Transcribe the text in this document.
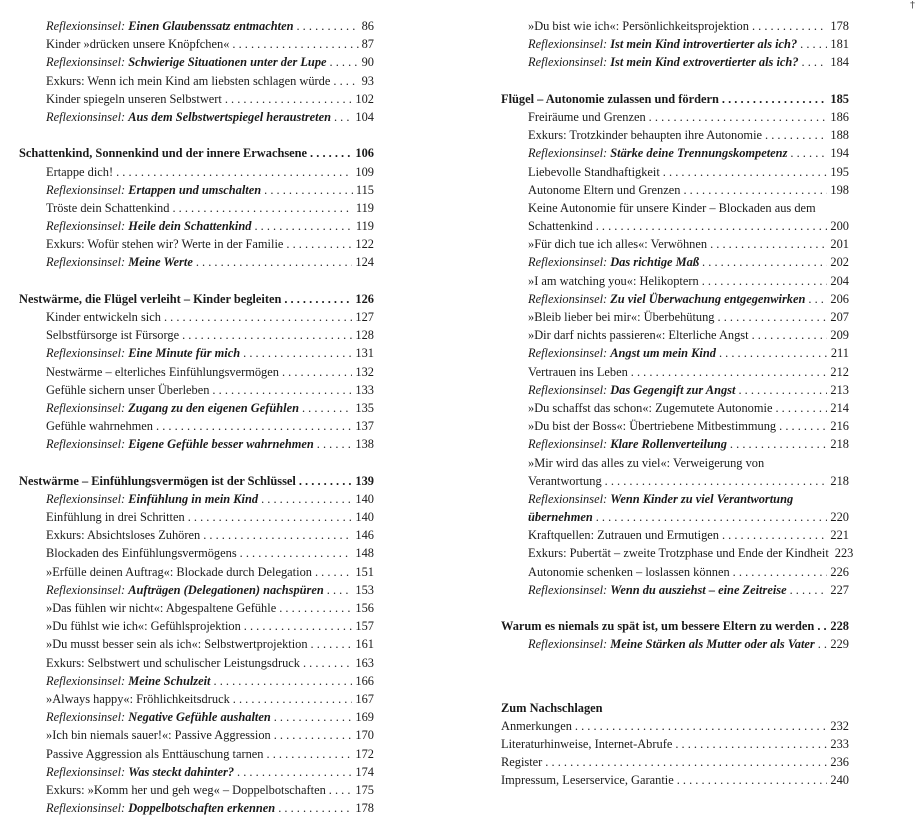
Reflexionsinsel: Einen Glaubenssatz entmachten . . .	86
Kinder »drücken unsere Knöpfchen« . . .	87
Reflexionsinsel: Schwierige Situationen unter der Lupe . . .	90
Exkurs: Wenn ich mein Kind am liebsten schlagen würde . . .	93
Kinder spiegeln unseren Selbstwert . . .	102
Reflexionsinsel: Aus dem Selbstwertspiegel heraustreten . . . 104
Schattenkind, Sonnenkind und der innere Erwachsene . . .	106
Ertappe dich! . . .	109
Reflexionsinsel: Ertappen und umschalten . . .	115
Tröste dein Schattenkind . . .	119
Reflexionsinsel: Heile dein Schattenkind . . .	119
Exkurs: Wofür stehen wir? Werte in der Familie . . .	122
Reflexionsinsel: Meine Werte . . .	124
Nestwärme, die Flügel verleiht – Kinder begleiten . . .	126
Kinder entwickeln sich . . .	127
Selbstfürsorge ist Fürsorge . . .	128
Reflexionsinsel: Eine Minute für mich . . .	131
Nestwärme – elterliches Einfühlungsvermögen . . .	132
Gefühle sichern unser Überleben . . .	133
Reflexionsinsel: Zugang zu den eigenen Gefühlen . . .	135
Gefühle wahrnehmen . . .	137
Reflexionsinsel: Eigene Gefühle besser wahrnehmen . . .	138
Nestwärme – Einfühlungsvermögen ist der Schlüssel . . .	139
Reflexionsinsel: Einfühlung in mein Kind . . .	140
Einfühlung in drei Schritten . . .	140
Exkurs: Absichtsloses Zuhören . . .	146
Blockaden des Einfühlungsvermögens . . .	148
»Erfülle deinen Auftrag«: Blockade durch Delegation . . .	151
Reflexionsinsel: Aufträgen (Delegationen) nachspüren . . .	153
»Das fühlen wir nicht«: Abgespaltene Gefühle . . .	156
»Du fühlst wie ich«: Gefühlsprojektion . . .	157
»Du musst besser sein als ich«: Selbstwertprojektion . . .	161
Exkurs: Selbstwert und schulischer Leistungsdruck . . .	163
Reflexionsinsel: Meine Schulzeit . . .	166
»Always happy«: Fröhlichkeitsdruck . . .	167
Reflexionsinsel: Negative Gefühle aushalten . . .	169
»Ich bin niemals sauer!«: Passive Aggression . . .	170
Passive Aggression als Enttäuschung tarnen . . .	172
Reflexionsinsel: Was steckt dahinter? . . .	174
Exkurs: »Komm her und geh weg« – Doppelbotschaften . . . 175
Reflexionsinsel: Doppelbotschaften erkennen . . .	178
»Du bist wie ich«: Persönlichkeitsprojektion . . .	178
Reflexionsinsel: Ist mein Kind introvertierter als ich? . . .	181
Reflexionsinsel: Ist mein Kind extrovertierter als ich? . . .	184
Flügel – Autonomie zulassen und fördern . . .	185
Freiräume und Grenzen . . .	186
Exkurs: Trotzkinder behaupten ihre Autonomie . . .	188
Reflexionsinsel: Stärke deine Trennungskompetenz . . .	194
Liebevolle Standhaftigkeit . . .	195
Autonome Eltern und Grenzen . . .	198
Keine Autonomie für unsere Kinder – Blockaden aus dem
Schattenkind . . .	200
»Für dich tue ich alles«: Verwöhnen . . .	201
Reflexionsinsel: Das richtige Maß . . .	202
»I am watching you«: Helikoptern . . .	204
Reflexionsinsel: Zu viel Überwachung entgegenwirken . . . 206
»Bleib lieber bei mir«: Überbehütung . . .	207
»Dir darf nichts passieren«: Elterliche Angst . . .	209
Reflexionsinsel: Angst um mein Kind . . .	211
Vertrauen ins Leben . . .	212
Reflexionsinsel: Das Gegengift zur Angst . . .	213
»Du schaffst das schon«: Zugemutete Autonomie . . .	214
»Du bist der Boss«: Übertriebene Mitbestimmung . . .	216
Reflexionsinsel: Klare Rollenverteilung . . .	218
»Mir wird das alles zu viel«: Verweigerung von
Verantwortung . . .	218
Reflexionsinsel: Wenn Kinder zu viel Verantwortung
übernehmen . . .	220
Kraftquellen: Zutrauen und Ermutigen . . .	221
Exkurs: Pubertät – zweite Trotzphase und Ende der Kindheit 223
Autonomie schenken – loslassen können . . .	226
Reflexionsinsel: Wenn du ausziehst – eine Zeitreise . . .	227
Warum es niemals zu spät ist, um bessere Eltern zu werden . . . 228
Reflexionsinsel: Meine Stärken als Mutter oder als Vater . . . 229
Zum Nachschlagen
Anmerkungen . . .	232
Literaturhinweise, Internet-Abrufe . . .	233
Register . . .	236
Impressum, Leserservice, Garantie . . .	240
†
